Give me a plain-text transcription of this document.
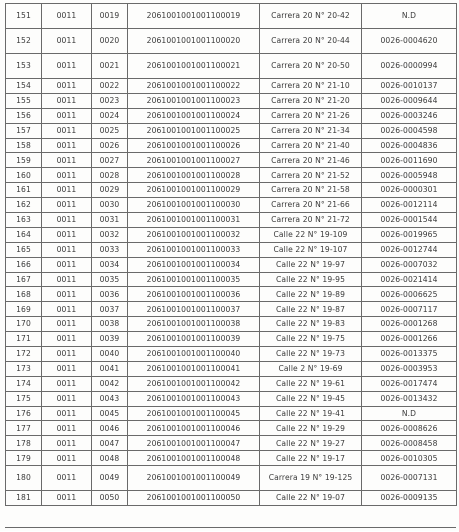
151	0011	0019	2061001001001100019	Carrera 20 N° 20-42	N.D
152	0011	0020	2061001001001100020	Carrera 20 N° 20-44	0026-0004620
153	0011	0021	2061001001001100021	Carrera 20 N° 20-50	0026-0000994
154	0011	0022	2061001001001100022	Carrera 20 N° 21-10	0026-0010137
155	0011	0023	2061001001001100023	Carrera 20 N° 21-20	0026-0009644
156	0011	0024	2061001001001100024	Carrera 20 N° 21-26	0026-0003246
157	0011	0025	2061001001001100025	Carrera 20 N° 21-34	0026-0004598
158	0011	0026	2061001001001100026	Carrera 20 N° 21-40	0026-0004836
159	0011	0027	2061001001001100027	Carrera 20 N° 21-46	0026-0011690
160	0011	0028	2061001001001100028	Carrera 20 N° 21-52	0026-0005948
161	0011	0029	2061001001001100029	Carrera 20 N° 21-58	0026-0000301
162	0011	0030	2061001001001100030	Carrera 20 N° 21-66	0026-0012114
163	0011	0031	2061001001001100031	Carrera 20 N° 21-72	0026-0001544
164	0011	0032	2061001001001100032	Calle 22 N° 19-109	0026-0019965
165	0011	0033	2061001001001100033	Calle 22 N° 19-107	0026-0012744
166	0011	0034	2061001001001100034	Calle 22 N° 19-97	0026-0007032
167	0011	0035	2061001001001100035	Calle 22 N° 19-95	0026-0021414
168	0011	0036	2061001001001100036	Calle 22 N° 19-89	0026-0006625
169	0011	0037	2061001001001100037	Calle 22 N° 19-87	0026-0007117
170	0011	0038	2061001001001100038	Calle 22 N° 19-83	0026-0001268
171	0011	0039	2061001001001100039	Calle 22 N° 19-75	0026-0001266
172	0011	0040	2061001001001100040	Calle 22 N° 19-73	0026-0013375
173	0011	0041	2061001001001100041	Calle 2 N° 19-69	0026-0003953
174	0011	0042	2061001001001100042	Calle 22 N° 19-61	0026-0017474
175	0011	0043	2061001001001100043	Calle 22 N° 19-45	0026-0013432
176	0011	0045	2061001001001100045	Calle 22 N° 19-41	N.D
177	0011	0046	2061001001001100046	Calle 22 N° 19-29	0026-0008626
178	0011	0047	2061001001001100047	Calle 22 N° 19-27	0026-0008458
179	0011	0048	2061001001001100048	Calle 22 N° 19-17	0026-0010305
180	0011	0049	2061001001001100049	Carrera 19 N° 19-125	0026-0007131
181	0011	0050	2061001001001100050	Calle 22 N° 19-07	0026-0009135
